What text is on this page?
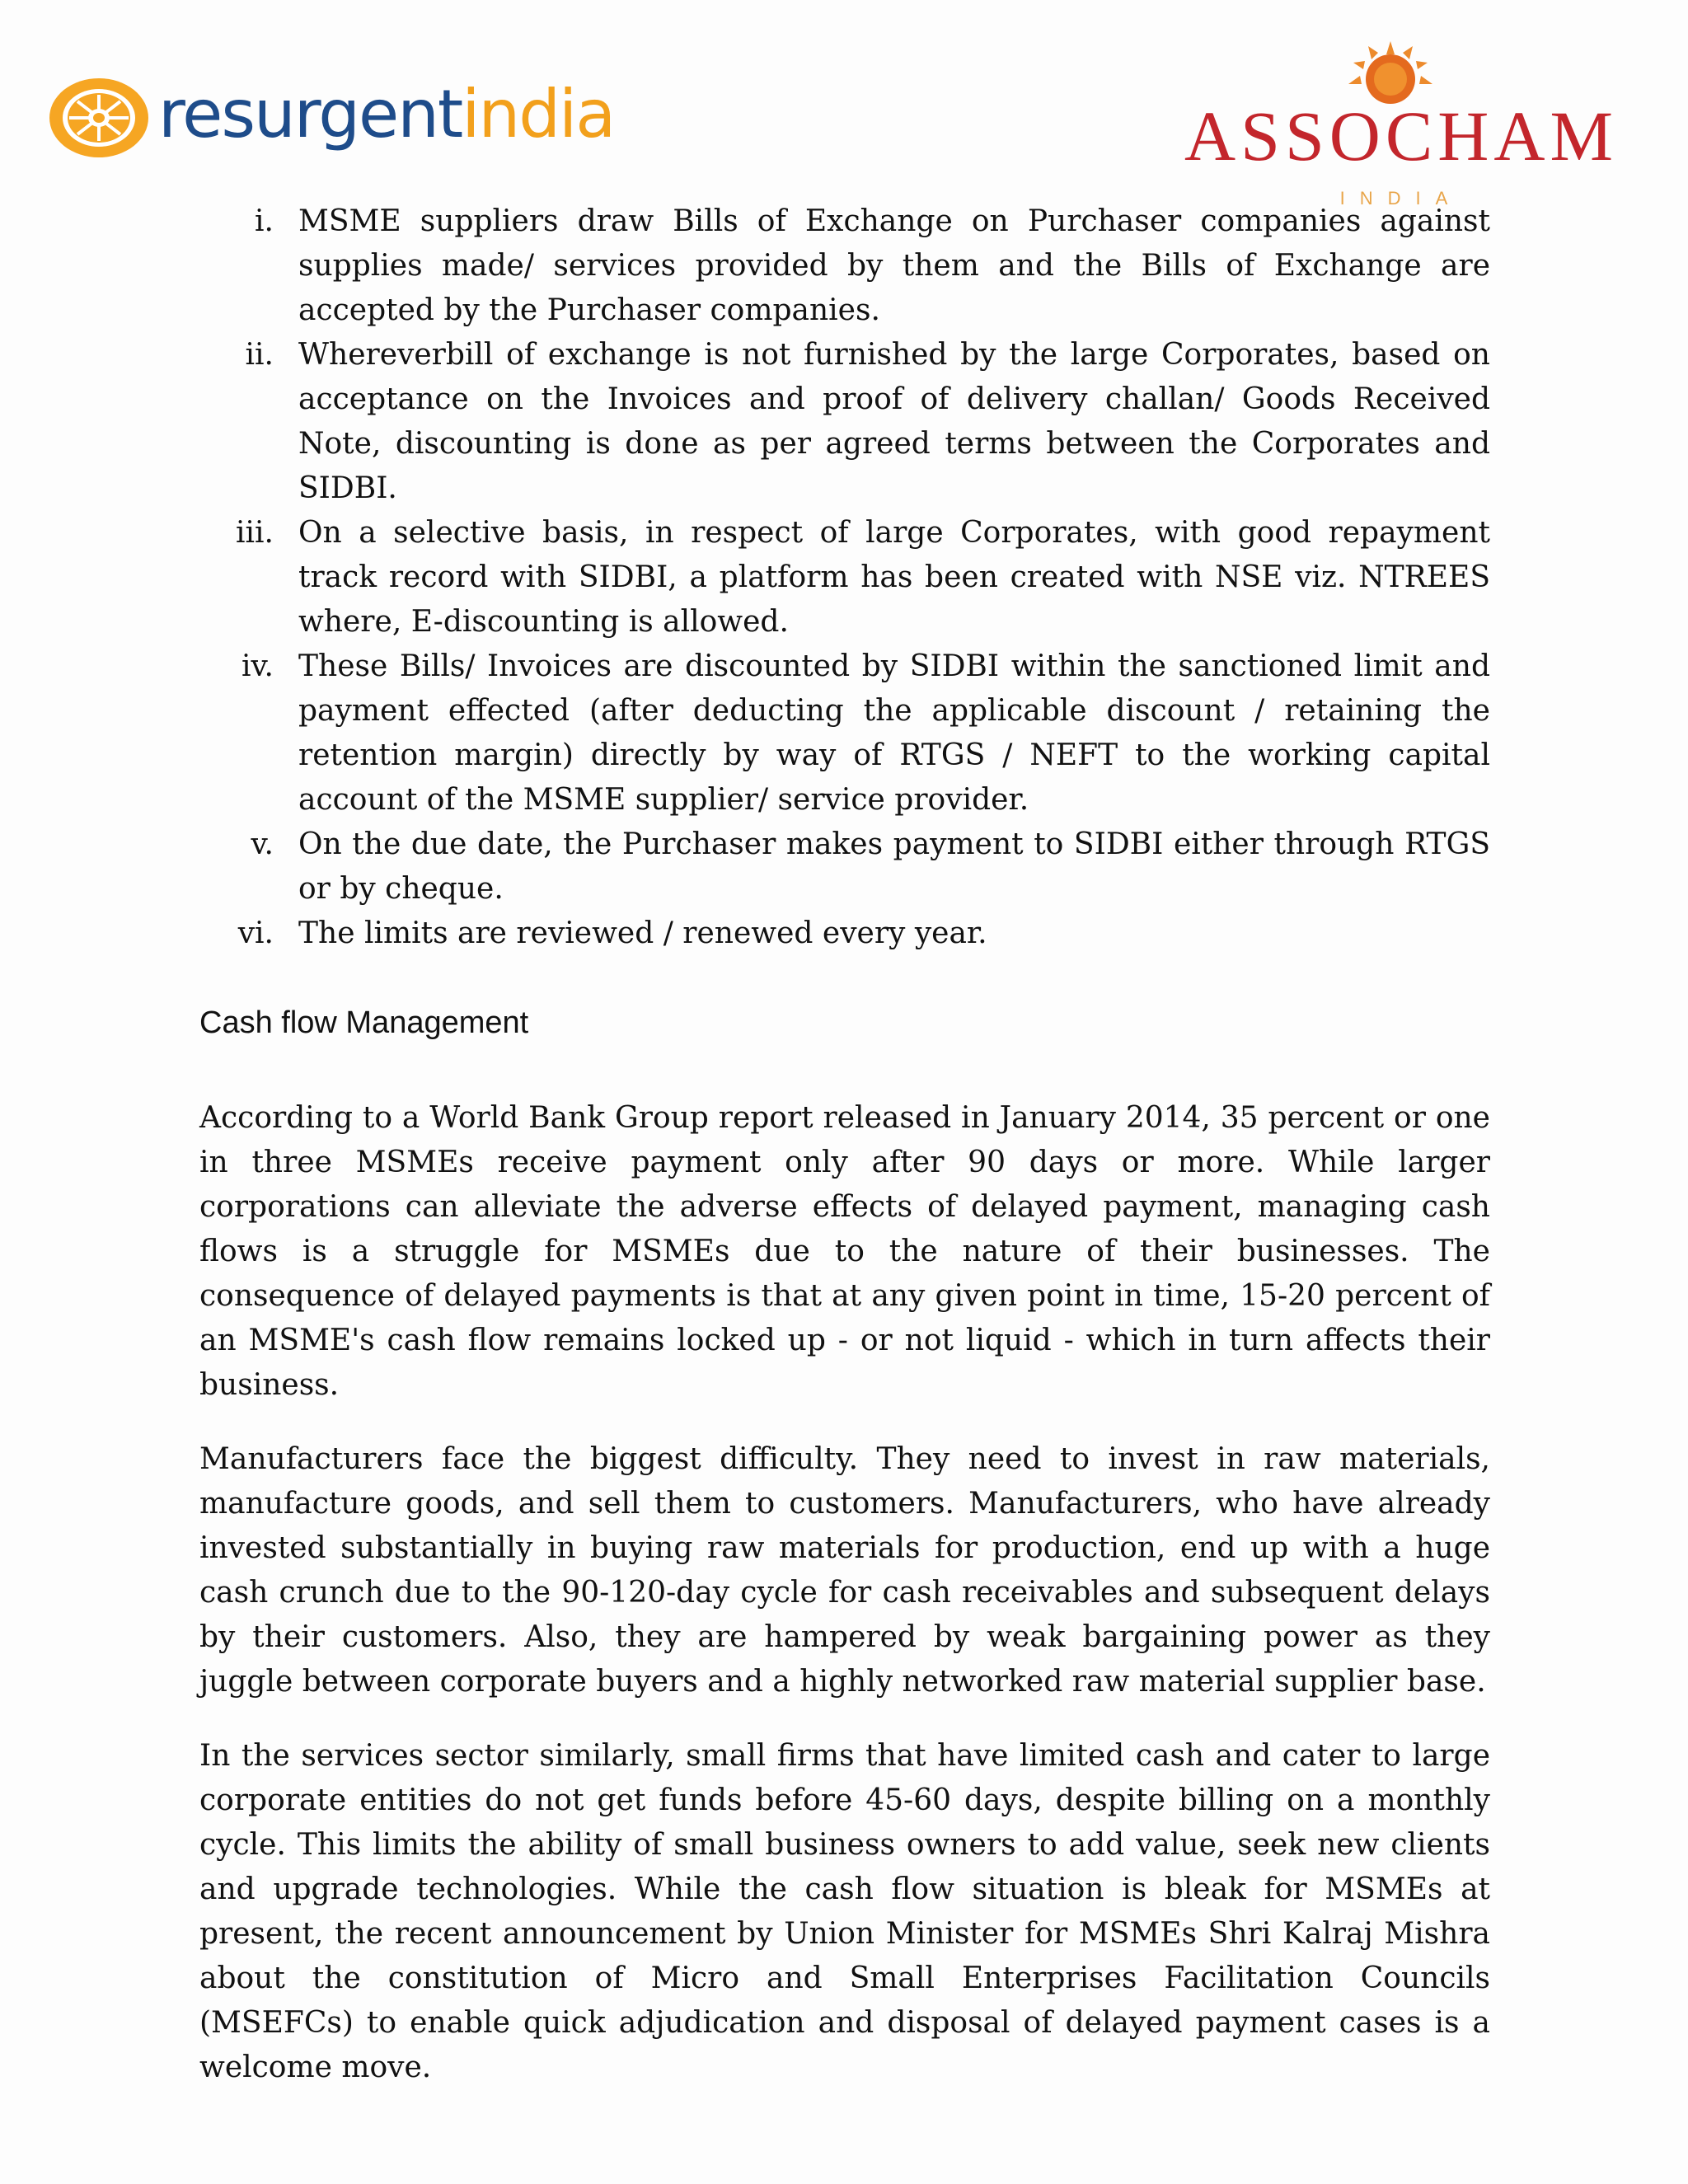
resurgentindia	ASSOCHAM
INDIA
i. MSME suppliers draw Bills of Exchange on Purchaser companies against supplies made/ services provided by them and the Bills of Exchange are accepted by the Purchaser companies.
ii. Whereverbill of exchange is not furnished by the large Corporates, based on acceptance on the Invoices and proof of delivery challan/ Goods Received Note, discounting is done as per agreed terms between the Corporates and SIDBI.
iii. On a selective basis, in respect of large Corporates, with good repayment track record with SIDBI, a platform has been created with NSE viz. NTREES where, E-discounting is allowed.
iv. These Bills/ Invoices are discounted by SIDBI within the sanctioned limit and payment effected (after deducting the applicable discount / retaining the retention margin) directly by way of RTGS / NEFT to the working capital account of the MSME supplier/ service provider.
v. On the due date, the Purchaser makes payment to SIDBI either through RTGS or by cheque.
vi. The limits are reviewed / renewed every year.
Cash flow Management

According to a World Bank Group report released in January 2014, 35 percent or one in three MSMEs receive payment only after 90 days or more. While larger corporations can alleviate the adverse effects of delayed payment, managing cash flows is a struggle for MSMEs due to the nature of their businesses. The consequence of delayed payments is that at any given point in time, 15-20 percent of an MSME's cash flow remains locked up - or not liquid - which in turn affects their business.

Manufacturers face the biggest difficulty. They need to invest in raw materials, manufacture goods, and sell them to customers. Manufacturers, who have already invested substantially in buying raw materials for production, end up with a huge cash crunch due to the 90-120-day cycle for cash receivables and subsequent delays by their customers. Also, they are hampered by weak bargaining power as they juggle between corporate buyers and a highly networked raw material supplier base.

In the services sector similarly, small firms that have limited cash and cater to large corporate entities do not get funds before 45-60 days, despite billing on a monthly cycle. This limits the ability of small business owners to add value, seek new clients and upgrade technologies. While the cash flow situation is bleak for MSMEs at present, the recent announcement by Union Minister for MSMEs Shri Kalraj Mishra about the constitution of Micro and Small Enterprises Facilitation Councils (MSEFCs) to enable quick adjudication and disposal of delayed payment cases is a welcome move.
